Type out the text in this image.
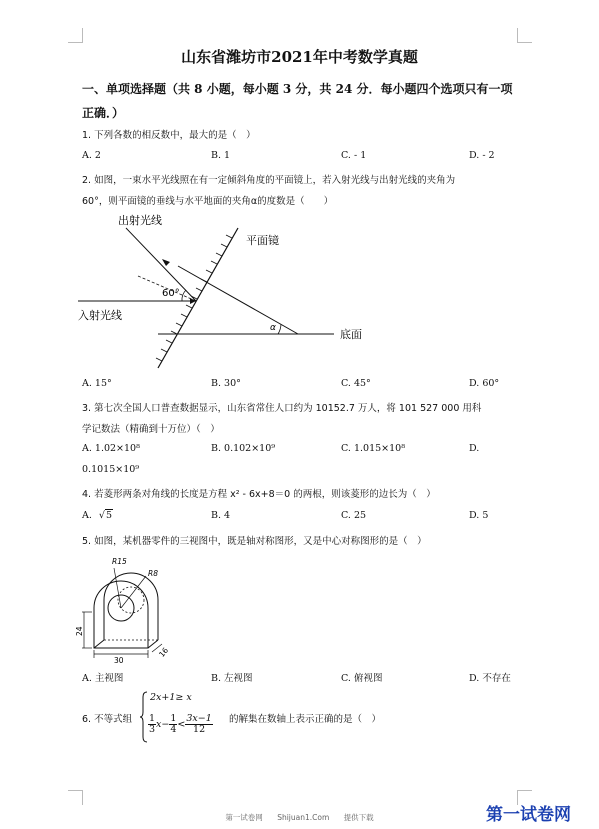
山东省潍坊市2021年中考数学真题
一、单项选择题（共 8 小题，每小题 3 分，共 24 分．每小题四个选项只有一项
正确．）
1. 下列各数的相反数中，最大的是（　）
A. 2	B. 1	C. - 1	D. - 2
2. 如图，一束水平光线照在有一定倾斜角度的平面镜上，若入射光线与出射光线的夹角为
60°，则平面镜的垂线与水平地面的夹角α的度数是（　　）
出射光线
平面镜
60°
入射光线
α	底面
A. 15°	B. 30°	C. 45°	D. 60°
3. 第七次全国人口普查数据显示，山东省常住人口约为 10152.7 万人，将 101 527 000 用科
学记数法（精确到十万位）（　）
A. 1.02×10⁸	B. 0.102×10⁹	C. 1.015×10⁸	D.
0.1015×10⁹
4. 若菱形两条对角线的长度是方程 x² - 6x+8＝0 的两根，则该菱形的边长为（　）
A. √5	B. 4	C. 25	D. 5
5. 如图，某机器零件的三视图中，既是轴对称图形，又是中心对称图形的是（　）
R15
R8
24
30
16
A. 主视图	B. 左视图	C. 俯视图	D. 不存在
6. 不等式组
2x+1≥ x
$\frac{1}{3} x- \frac{1}{4} < \frac{3x-1}{12}$ 的解集在数轴上表示正确的是（　）
第一试卷网 Shijuan1.Com 提供下载	第一试卷网
